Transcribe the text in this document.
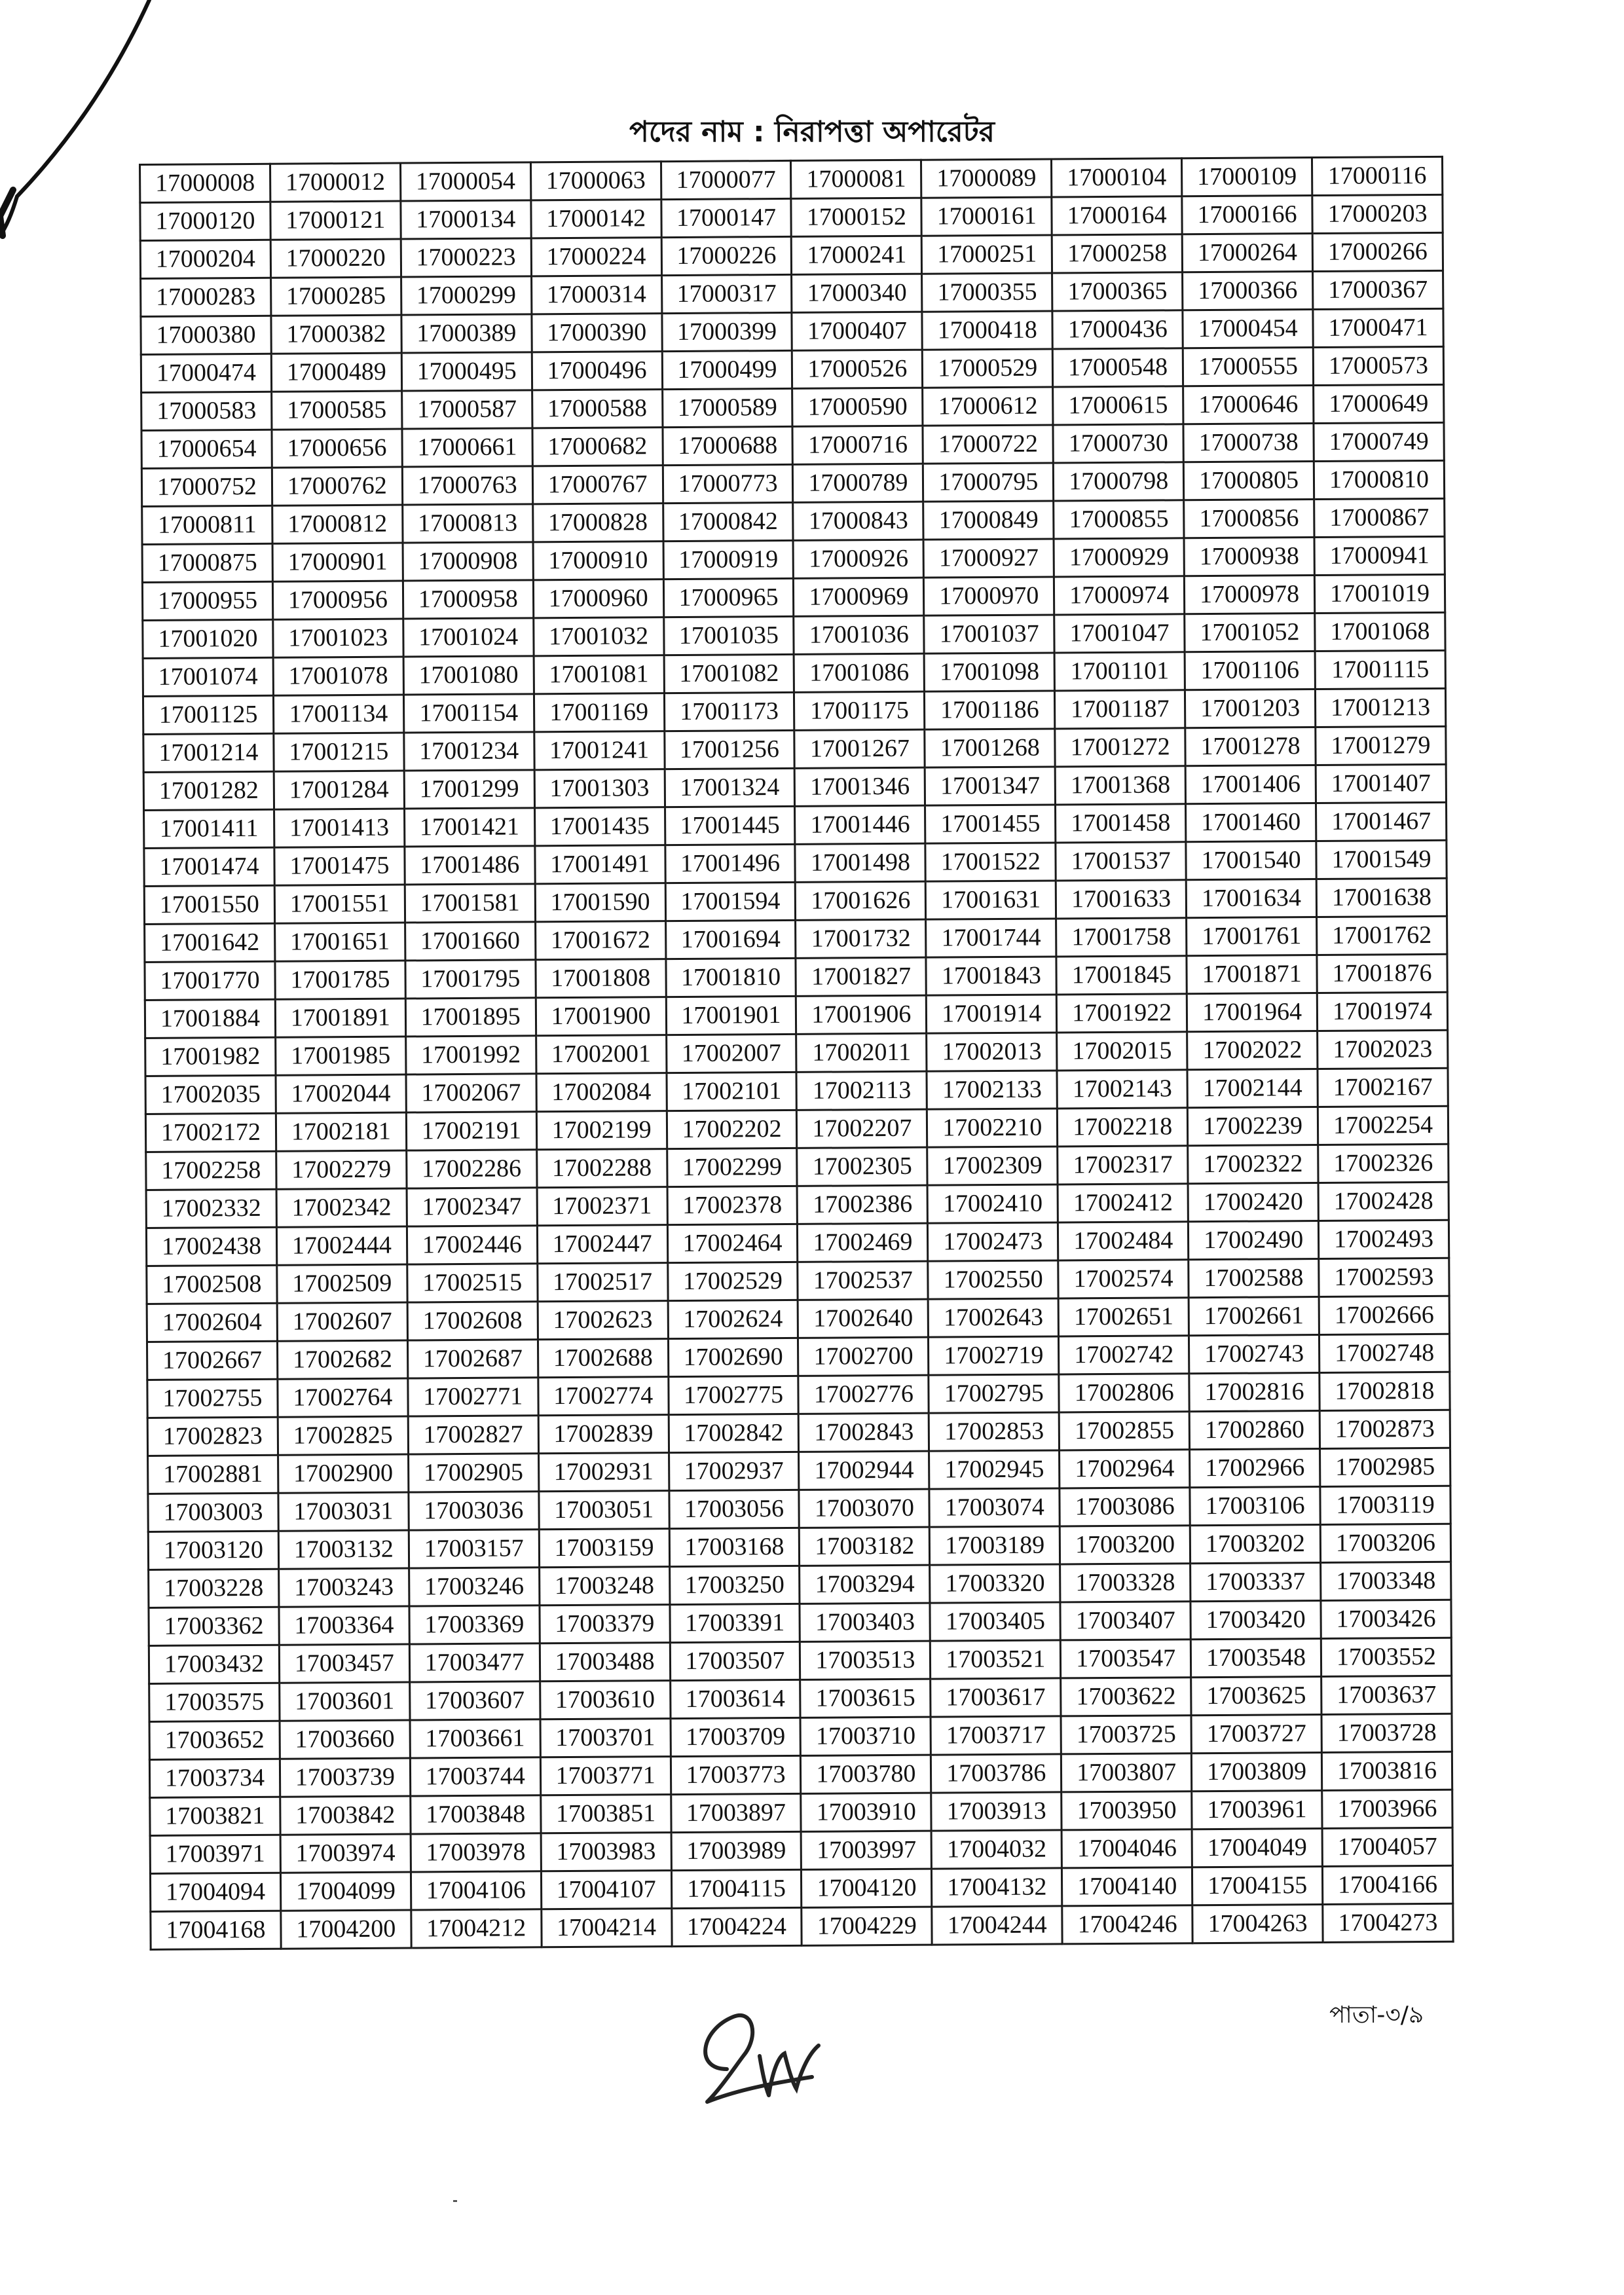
পদের নাম : নিরাপত্তা অপারেটর
17000008	17000012	17000054	17000063	17000077	17000081	17000089	17000104	17000109	17000116
17000120	17000121	17000134	17000142	17000147	17000152	17000161	17000164	17000166	17000203
17000204	17000220	17000223	17000224	17000226	17000241	17000251	17000258	17000264	17000266
17000283	17000285	17000299	17000314	17000317	17000340	17000355	17000365	17000366	17000367
17000380	17000382	17000389	17000390	17000399	17000407	17000418	17000436	17000454	17000471
17000474	17000489	17000495	17000496	17000499	17000526	17000529	17000548	17000555	17000573
17000583	17000585	17000587	17000588	17000589	17000590	17000612	17000615	17000646	17000649
17000654	17000656	17000661	17000682	17000688	17000716	17000722	17000730	17000738	17000749
17000752	17000762	17000763	17000767	17000773	17000789	17000795	17000798	17000805	17000810
17000811	17000812	17000813	17000828	17000842	17000843	17000849	17000855	17000856	17000867
17000875	17000901	17000908	17000910	17000919	17000926	17000927	17000929	17000938	17000941
17000955	17000956	17000958	17000960	17000965	17000969	17000970	17000974	17000978	17001019
17001020	17001023	17001024	17001032	17001035	17001036	17001037	17001047	17001052	17001068
17001074	17001078	17001080	17001081	17001082	17001086	17001098	17001101	17001106	17001115
17001125	17001134	17001154	17001169	17001173	17001175	17001186	17001187	17001203	17001213
17001214	17001215	17001234	17001241	17001256	17001267	17001268	17001272	17001278	17001279
17001282	17001284	17001299	17001303	17001324	17001346	17001347	17001368	17001406	17001407
17001411	17001413	17001421	17001435	17001445	17001446	17001455	17001458	17001460	17001467
17001474	17001475	17001486	17001491	17001496	17001498	17001522	17001537	17001540	17001549
17001550	17001551	17001581	17001590	17001594	17001626	17001631	17001633	17001634	17001638
17001642	17001651	17001660	17001672	17001694	17001732	17001744	17001758	17001761	17001762
17001770	17001785	17001795	17001808	17001810	17001827	17001843	17001845	17001871	17001876
17001884	17001891	17001895	17001900	17001901	17001906	17001914	17001922	17001964	17001974
17001982	17001985	17001992	17002001	17002007	17002011	17002013	17002015	17002022	17002023
17002035	17002044	17002067	17002084	17002101	17002113	17002133	17002143	17002144	17002167
17002172	17002181	17002191	17002199	17002202	17002207	17002210	17002218	17002239	17002254
17002258	17002279	17002286	17002288	17002299	17002305	17002309	17002317	17002322	17002326
17002332	17002342	17002347	17002371	17002378	17002386	17002410	17002412	17002420	17002428
17002438	17002444	17002446	17002447	17002464	17002469	17002473	17002484	17002490	17002493
17002508	17002509	17002515	17002517	17002529	17002537	17002550	17002574	17002588	17002593
17002604	17002607	17002608	17002623	17002624	17002640	17002643	17002651	17002661	17002666
17002667	17002682	17002687	17002688	17002690	17002700	17002719	17002742	17002743	17002748
17002755	17002764	17002771	17002774	17002775	17002776	17002795	17002806	17002816	17002818
17002823	17002825	17002827	17002839	17002842	17002843	17002853	17002855	17002860	17002873
17002881	17002900	17002905	17002931	17002937	17002944	17002945	17002964	17002966	17002985
17003003	17003031	17003036	17003051	17003056	17003070	17003074	17003086	17003106	17003119
17003120	17003132	17003157	17003159	17003168	17003182	17003189	17003200	17003202	17003206
17003228	17003243	17003246	17003248	17003250	17003294	17003320	17003328	17003337	17003348
17003362	17003364	17003369	17003379	17003391	17003403	17003405	17003407	17003420	17003426
17003432	17003457	17003477	17003488	17003507	17003513	17003521	17003547	17003548	17003552
17003575	17003601	17003607	17003610	17003614	17003615	17003617	17003622	17003625	17003637
17003652	17003660	17003661	17003701	17003709	17003710	17003717	17003725	17003727	17003728
17003734	17003739	17003744	17003771	17003773	17003780	17003786	17003807	17003809	17003816
17003821	17003842	17003848	17003851	17003897	17003910	17003913	17003950	17003961	17003966
17003971	17003974	17003978	17003983	17003989	17003997	17004032	17004046	17004049	17004057
17004094	17004099	17004106	17004107	17004115	17004120	17004132	17004140	17004155	17004166
17004168	17004200	17004212	17004214	17004224	17004229	17004244	17004246	17004263	17004273
পাতা-৩/৯
